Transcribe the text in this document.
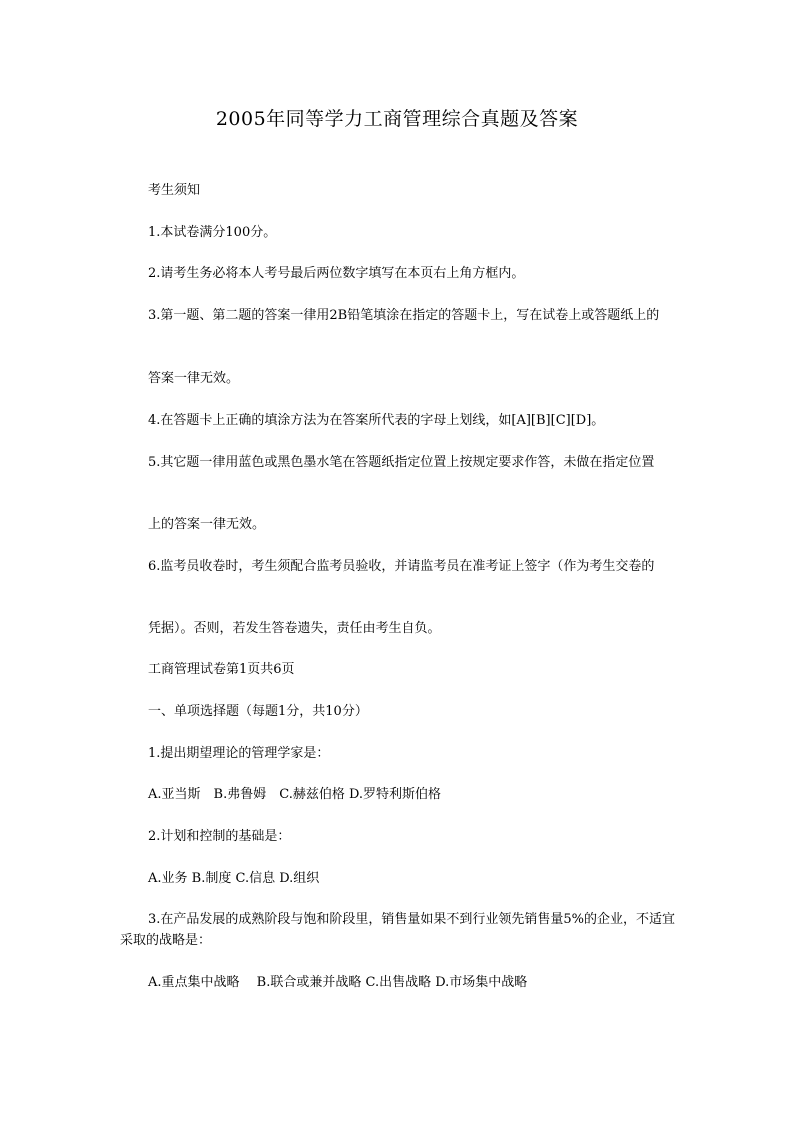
2005年同等学力工商管理综合真题及答案

考生须知

1.本试卷满分100分。

2.请考生务必将本人考号最后两位数字填写在本页右上角方框内。

3.第一题、第二题的答案一律用2B铅笔填涂在指定的答题卡上，写在试卷上或答题纸上的

答案一律无效。

4.在答题卡上正确的填涂方法为在答案所代表的字母上划线，如[A][B][C][D]。

5.其它题一律用蓝色或黑色墨水笔在答题纸指定位置上按规定要求作答，未做在指定位置

上的答案一律无效。

6.监考员收卷时，考生须配合监考员验收，并请监考员在准考证上签字（作为考生交卷的

凭据）。否则，若发生答卷遗失，责任由考生自负。

工商管理试卷第1页共6页

一、单项选择题（每题1分，共10分）

1.提出期望理论的管理学家是：

A.亚当斯　B.弗鲁姆　C.赫兹伯格 D.罗特利斯伯格

2.计划和控制的基础是：

A.业务 B.制度 C.信息 D.组织

3.在产品发展的成熟阶段与饱和阶段里，销售量如果不到行业领先销售量5%的企业，不适宜采取的战略是：

A.重点集中战略　 B.联合或兼并战略 C.出售战略 D.市场集中战略
